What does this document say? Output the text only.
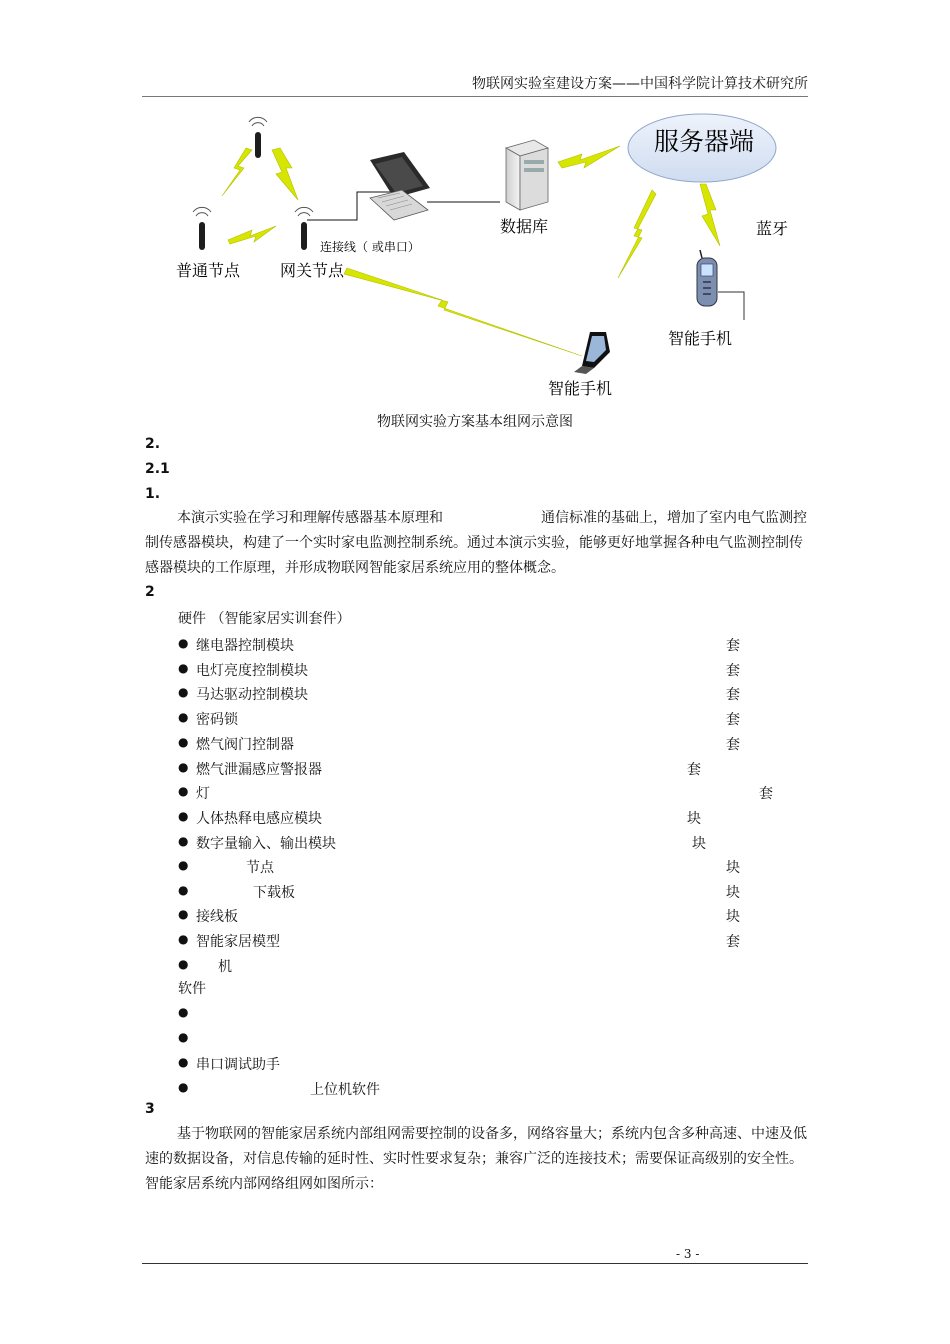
物联网实验室建设方案——中国科学院计算技术研究所
服务器端
数据库	蓝牙
普通节点 网关节点
连接线（ 或串口）
智能手机
智能手机
物联网实验方案基本组网示意图
2.
2.1
1.
本演示实验在学习和理解传感器基本原理和　　　　　　　通信标准的基础上，增加了室内电气监测控制传感器模块，构建了一个实时家电监测控制系统。通过本演示实验，能够更好地掌握各种电气监测控制传感器模块的工作原理，并形成物联网智能家居系统应用的整体概念。
2
硬件 （智能家居实训套件）
● 继电器控制模块	套
● 电灯亮度控制模块	套
● 马达驱动控制模块	套
● 密码锁	套
● 燃气阀门控制器	套
● 燃气泄漏感应警报器	套
● 灯	套
● 人体热释电感应模块	块
● 数字量输入、输出模块	块
●	节点	块
●	下载板	块
● 接线板	块
● 智能家居模型	套
● 机
软件
●
●
● 串口调试助手
●	上位机软件
3
基于物联网的智能家居系统内部组网需要控制的设备多，网络容量大；系统内包含多种高速、中速及低速的数据设备，对信息传输的延时性、实时性要求复杂；兼容广泛的连接技术；需要保证高级别的安全性。智能家居系统内部网络组网如图所示：
- 3 -
